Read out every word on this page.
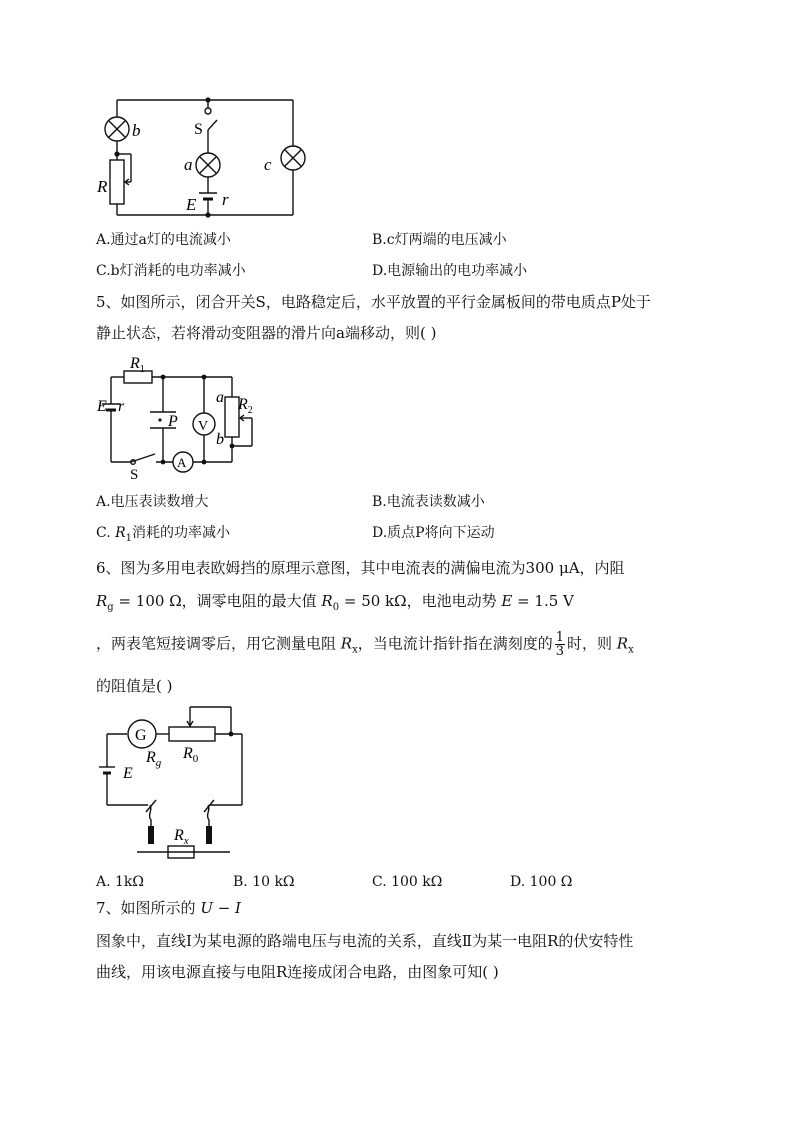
b
R
S
a	c
E r
A.通过a灯的电流减小	B.c灯两端的电压减小
C.b灯消耗的电功率减小	D.电源输出的电功率减小
5、如图所示，闭合开关S，电路稳定后，水平放置的平行金属板间的带电质点P处于
静止状态，若将滑动变阻器的滑片向a端移动，则( )
$R_1$
E r
P V
a $R_2$
b
S
A
A.电压表读数增大	B.电流表读数减小
C. $R_1$消耗的功率减小	D.质点P将向下运动
6、图为多用电表欧姆挡的原理示意图，其中电流表的满偏电流为300 μA，内阻
$R_g = 100$ Ω，调零电阻的最大值 $R_0 = 50$ kΩ，电池电动势 E = 1.5 V
，两表笔短接调零后，用它测量电阻 $R_x$，当电流计指针指在满刻度的 $\frac{1}{3}$ 时，则 $R_x$
的阻值是( )
G
$R_g$
$R_0$
E
$R_x$
A. 1kΩ	B. 10 kΩ	C. 100 kΩ	D. 100 Ω
7、如图所示的 U − I
图象中，直线Ⅰ为某电源的路端电压与电流的关系，直线Ⅱ为某一电阻R的伏安特性
曲线，用该电源直接与电阻R连接成闭合电路，由图象可知( )
